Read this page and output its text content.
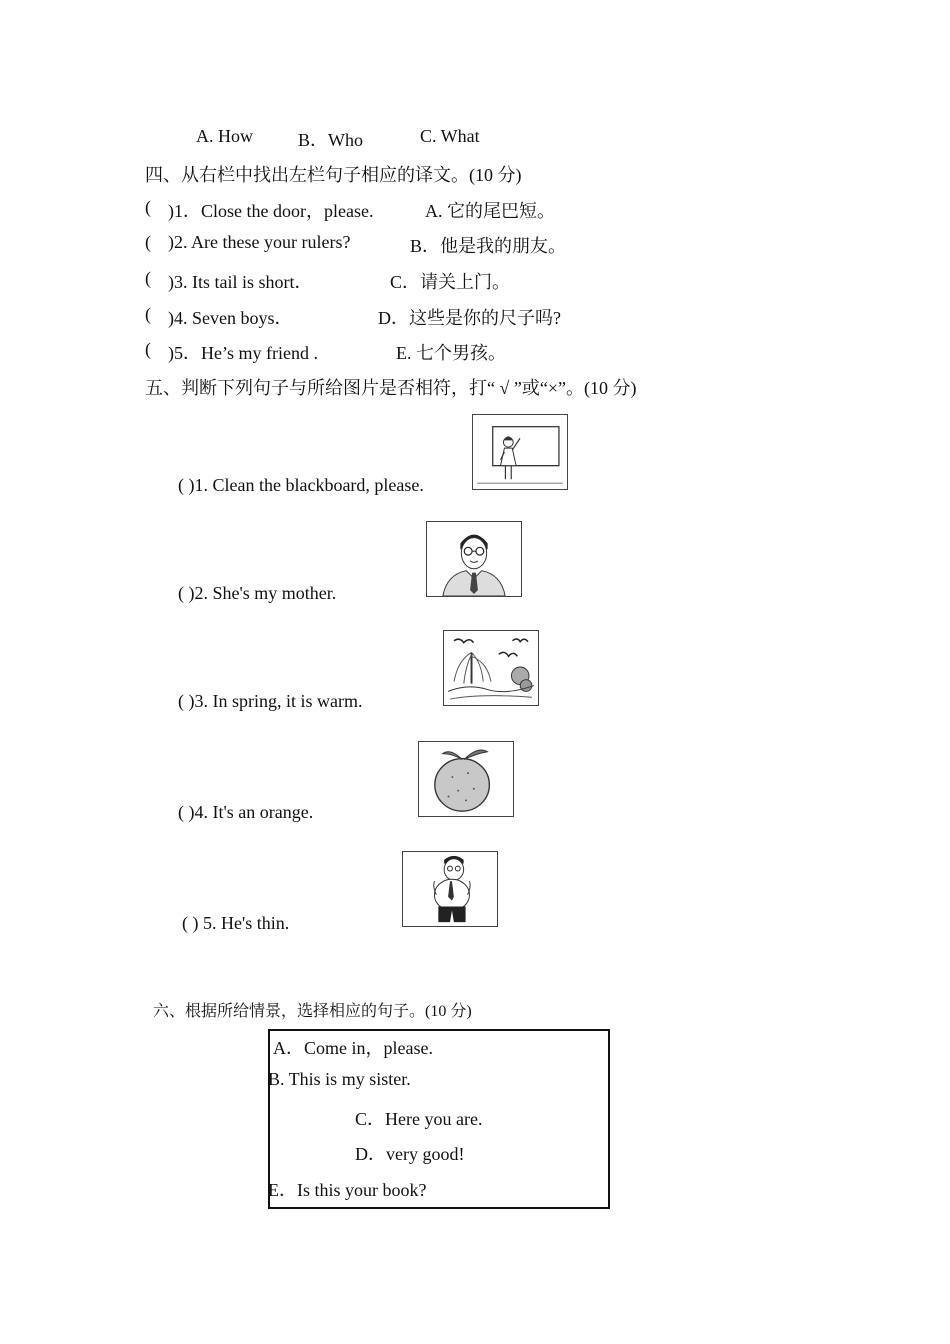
A. How	B．Who	C. What
四、从右栏中找出左栏句子相应的译文。(10 分)
( )1．Close the door，please.	A. 它的尾巴短。
( )2. Are these your rulers?	B．他是我的朋友。
( )3. Its tail is short．	C．请关上门。
( )4. Seven boys．	D．这些是你的尺子吗?
( )5．He’s my friend .	E. 七个男孩。
五、判断下列句子与所给图片是否相符，打“ √ ”或“×”。(10 分)
( )1. Clean the blackboard, please.
( )2. She's my mother.
( )3. In spring, it is warm.
( )4. It's an orange.
( ) 5. He's thin.
六、根据所给情景，选择相应的句子。(10 分)
A．Come in，please.
B. This is my sister.
C．Here you are.
D．very good!
E．Is this your book?
